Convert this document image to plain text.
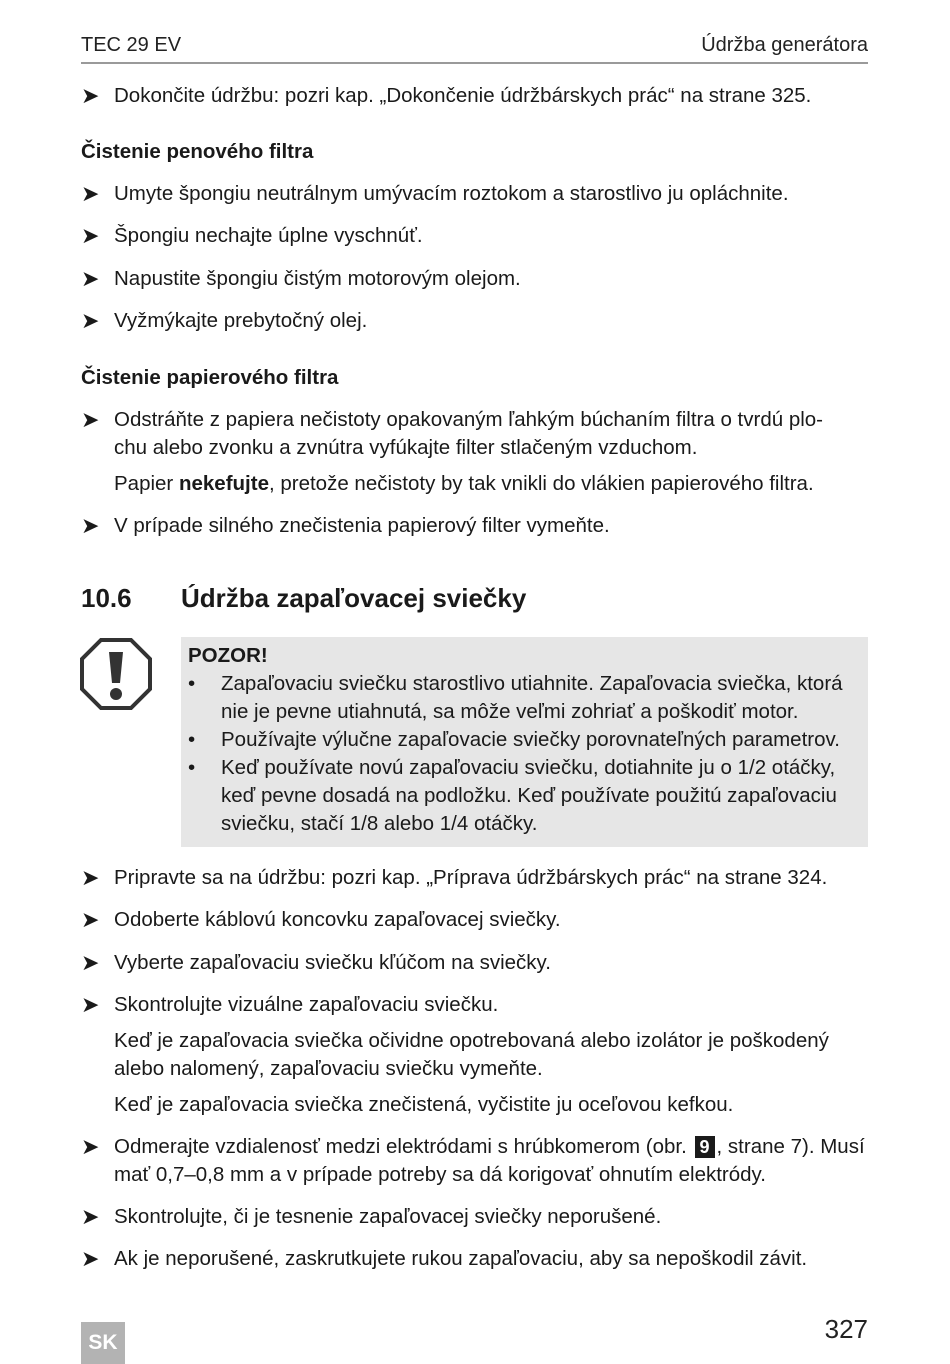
TEC 29 EV	Údržba generátora
➤ Dokončite údržbu: pozri kap. „Dokončenie údržbárskych prác“ na strane 325.
Čistenie penového filtra
➤ Umyte špongiu neutrálnym umývacím roztokom a starostlivo ju opláchnite.
➤ Špongiu nechajte úplne vyschnúť.
➤ Napustite špongiu čistým motorovým olejom.
➤ Vyžmýkajte prebytočný olej.
Čistenie papierového filtra
➤ Odstráňte z papiera nečistoty opakovaným ľahkým búchaním filtra o tvrdú plo-chu alebo zvonku a zvnútra vyfúkajte filter stlačeným vzduchom.
Papier nekefujte, pretože nečistoty by tak vnikli do vlákien papierového filtra.
➤ V prípade silného znečistenia papierový filter vymeňte.
10.6 Údržba zapaľovacej sviečky
POZOR!
• Zapaľovaciu sviečku starostlivo utiahnite. Zapaľovacia sviečka, ktorá nie je pevne utiahnutá, sa môže veľmi zohriať a poškodiť motor.
• Používajte výlučne zapaľovacie sviečky porovnateľných parametrov.
• Keď používate novú zapaľovaciu sviečku, dotiahnite ju o 1/2 otáčky, keď pevne dosadá na podložku. Keď používate použitú zapaľovaciu sviečku, stačí 1/8 alebo 1/4 otáčky.
➤ Pripravte sa na údržbu: pozri kap. „Príprava údržbárskych prác“ na strane 324.
➤ Odoberte káblovú koncovku zapaľovacej sviečky.
➤ Vyberte zapaľovaciu sviečku kľúčom na sviečky.
➤ Skontrolujte vizuálne zapaľovaciu sviečku.
Keď je zapaľovacia sviečka očividne opotrebovaná alebo izolátor je poškodený alebo nalomený, zapaľovaciu sviečku vymeňte.
Keď je zapaľovacia sviečka znečistená, vyčistite ju oceľovou kefkou.
➤ Odmerajte vzdialenosť medzi elektródami s hrúbkomerom (obr. 9 , strane 7). Musí mať 0,7–0,8 mm a v prípade potreby sa dá korigovať ohnutím elektródy.
➤ Skontrolujte, či je tesnenie zapaľovacej sviečky neporušené.
➤ Ak je neporušené, zaskrutkujete rukou zapaľovaciu, aby sa nepoškodil závit.
SK	327
